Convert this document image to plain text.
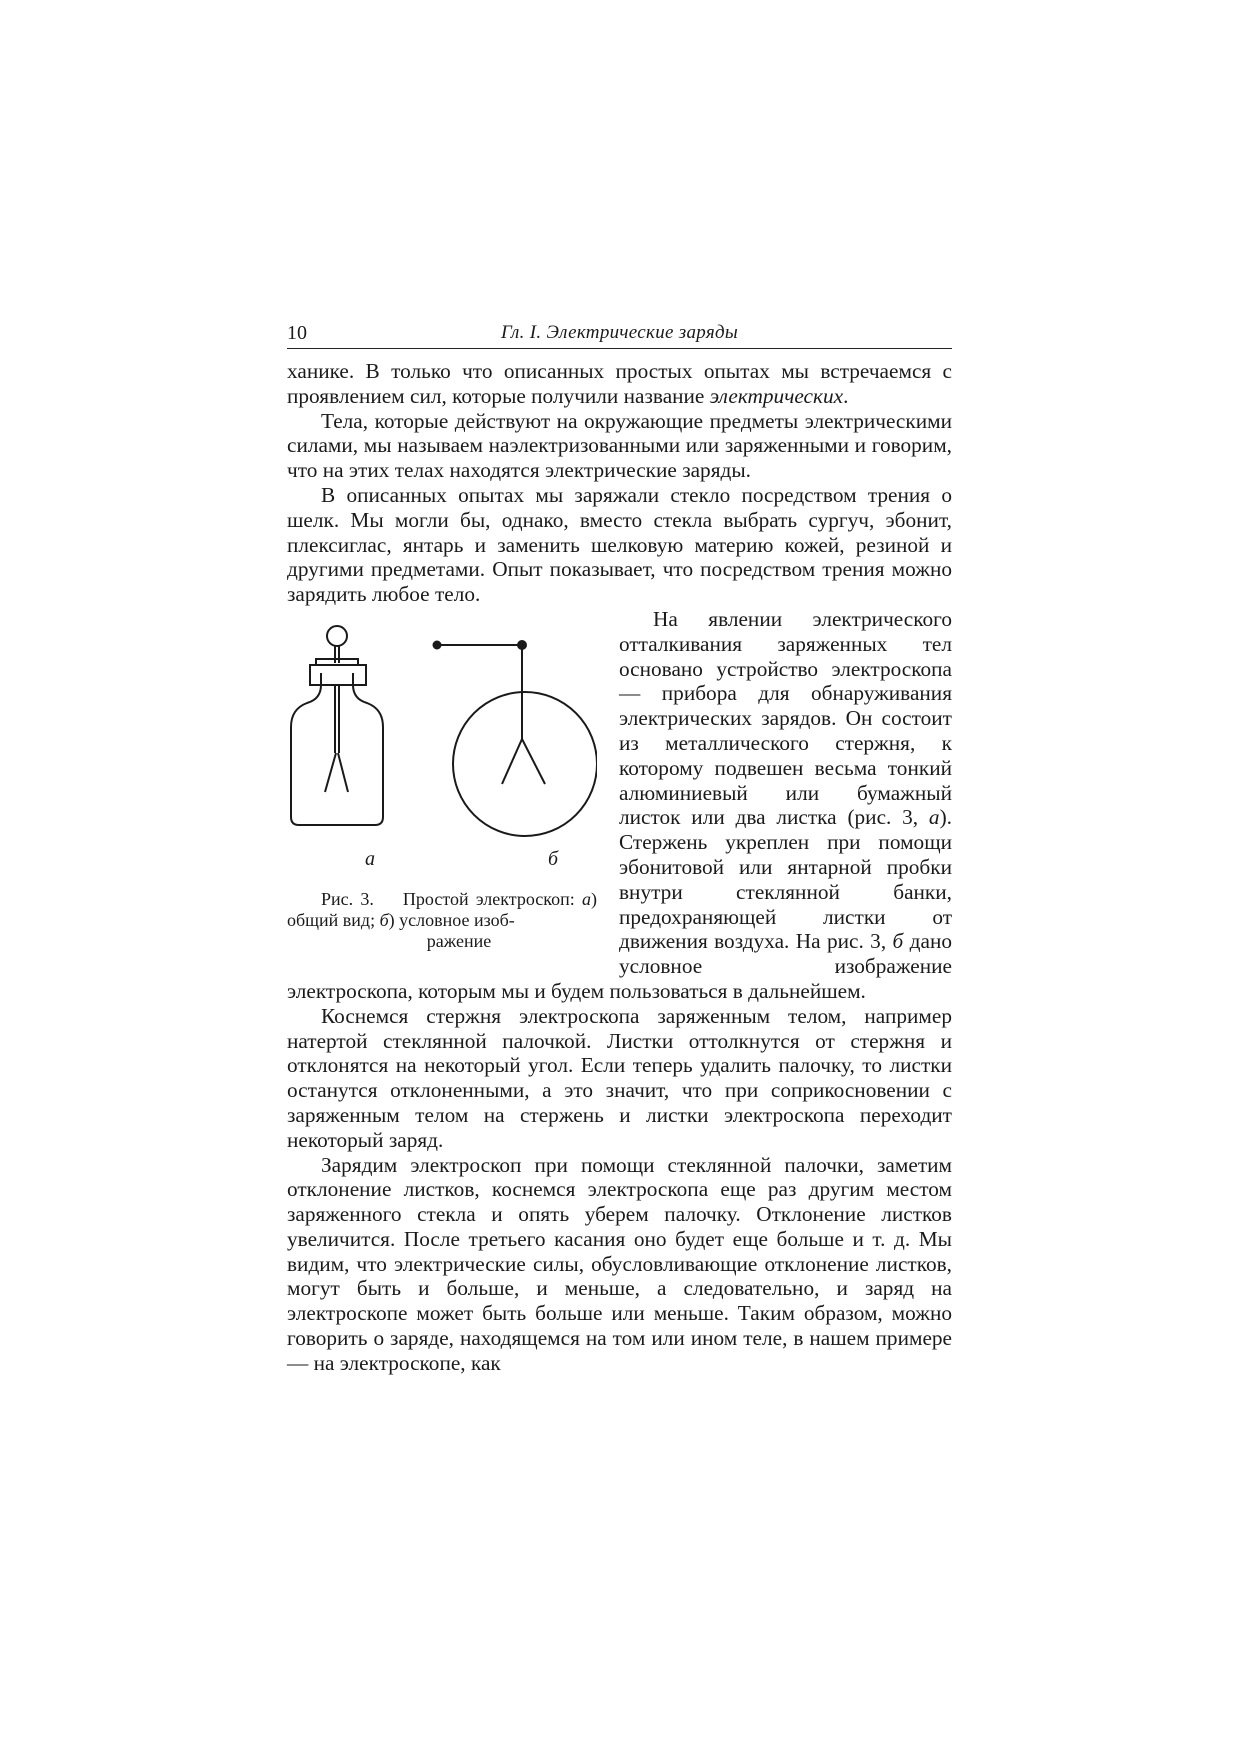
10	Гл. I. Электрические заряды

ханике. В только что описанных простых опытах мы встречаемся с проявлением сил, которые получили название электрических.

Тела, которые действуют на окружающие предметы электрическими силами, мы называем наэлектризованными или заряженными и говорим, что на этих телах находятся электрические заряды.

В описанных опытах мы заряжали стекло посредством трения о шелк. Мы могли бы, однако, вместо стекла выбрать сургуч, эбонит, плексиглас, янтарь и заменить шелковую материю кожей, резиной и другими предметами. Опыт показывает, что посредством трения можно зарядить любое тело.

а	б
Рис. 3. Простой электроскоп: а) общий вид; б) условное изоб-
ражение
На явлении электрического отталкивания заряженных тел основано устройство электроскопа — прибора для обнаруживания электрических зарядов. Он состоит из металлического стержня, к которому подвешен весьма тонкий алюминиевый или бумажный листок или два листка (рис. 3, а). Стержень укреплен при помощи эбонитовой или янтарной пробки внутри стеклянной банки, предохраняющей листки от движения воздуха. На рис. 3, б дано условное изображение электроскопа, которым мы и будем пользоваться в дальнейшем.

Коснемся стержня электроскопа заряженным телом, например натертой стеклянной палочкой. Листки оттолкнутся от стержня и отклонятся на некоторый угол. Если теперь удалить палочку, то листки останутся отклоненными, а это значит, что при соприкосновении с заряженным телом на стержень и листки электроскопа переходит некоторый заряд.

Зарядим электроскоп при помощи стеклянной палочки, заметим отклонение листков, коснемся электроскопа еще раз другим местом заряженного стекла и опять уберем палочку. Отклонение листков увеличится. После третьего касания оно будет еще больше и т. д. Мы видим, что электрические силы, обусловливающие отклонение листков, могут быть и больше, и меньше, а следовательно, и заряд на электроскопе может быть больше или меньше. Таким образом, можно говорить о заряде, находящемся на том или ином теле, в нашем примере — на электроскопе, как
